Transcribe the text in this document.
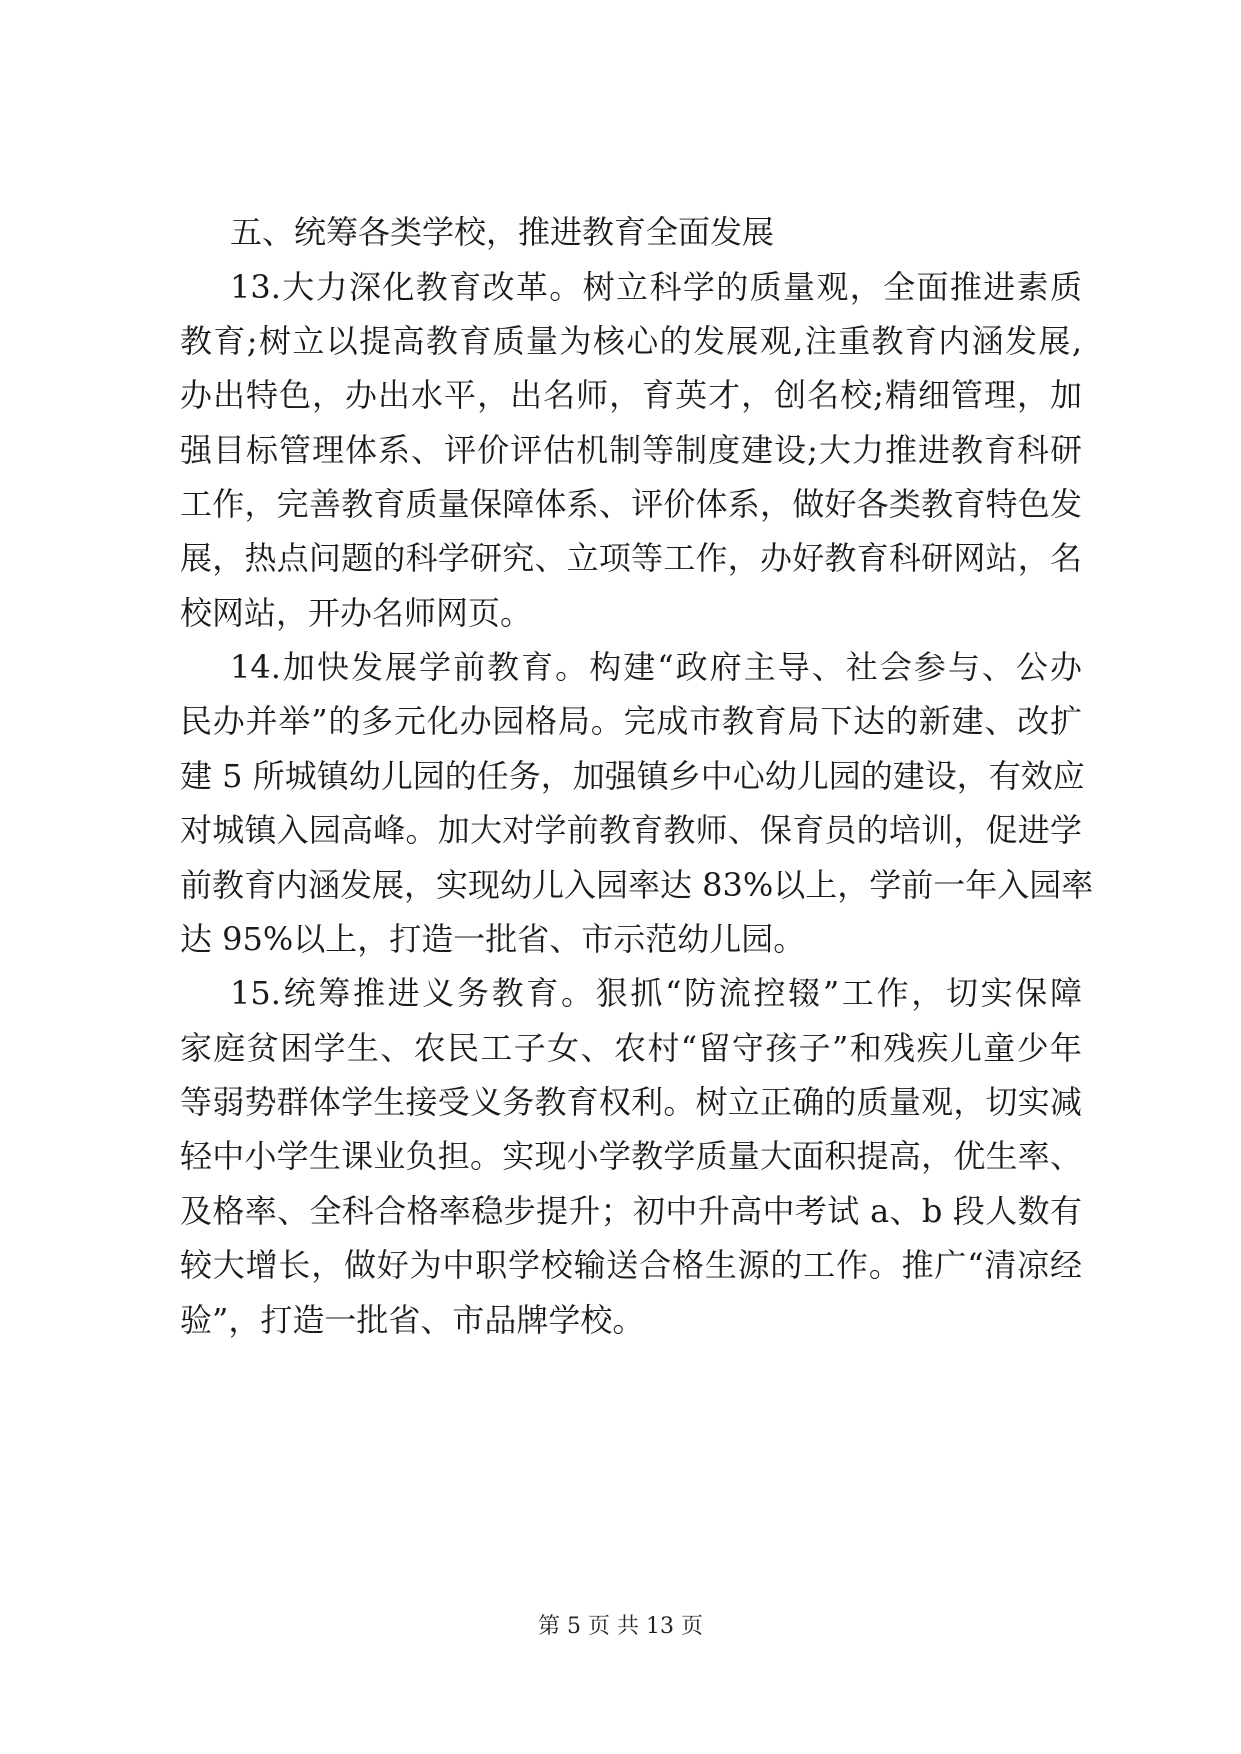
五、统筹各类学校，推进教育全面发展
13.大力深化教育改革。树立科学的质量观，全面推进素质
教育;树立以提高教育质量为核心的发展观,注重教育内涵发展,
办出特色，办出水平，出名师，育英才，创名校;精细管理，加
强目标管理体系、评价评估机制等制度建设;大力推进教育科研
工作，完善教育质量保障体系、评价体系，做好各类教育特色发
展，热点问题的科学研究、立项等工作，办好教育科研网站，名
校网站，开办名师网页。
14.加快发展学前教育。构建“政府主导、社会参与、公办
民办并举”的多元化办园格局。完成市教育局下达的新建、改扩
建 5 所城镇幼儿园的任务，加强镇乡中心幼儿园的建设，有效应
对城镇入园高峰。加大对学前教育教师、保育员的培训，促进学
前教育内涵发展，实现幼儿入园率达 83%以上，学前一年入园率
达 95%以上，打造一批省、市示范幼儿园。
15.统筹推进义务教育。狠抓“防流控辍”工作，切实保障
家庭贫困学生、农民工子女、农村“留守孩子”和残疾儿童少年
等弱势群体学生接受义务教育权利。树立正确的质量观，切实减
轻中小学生课业负担。实现小学教学质量大面积提高，优生率、
及格率、全科合格率稳步提升；初中升高中考试 a、b 段人数有
较大增长，做好为中职学校输送合格生源的工作。推广“清凉经
验”，打造一批省、市品牌学校。
第 5 页 共 13 页
